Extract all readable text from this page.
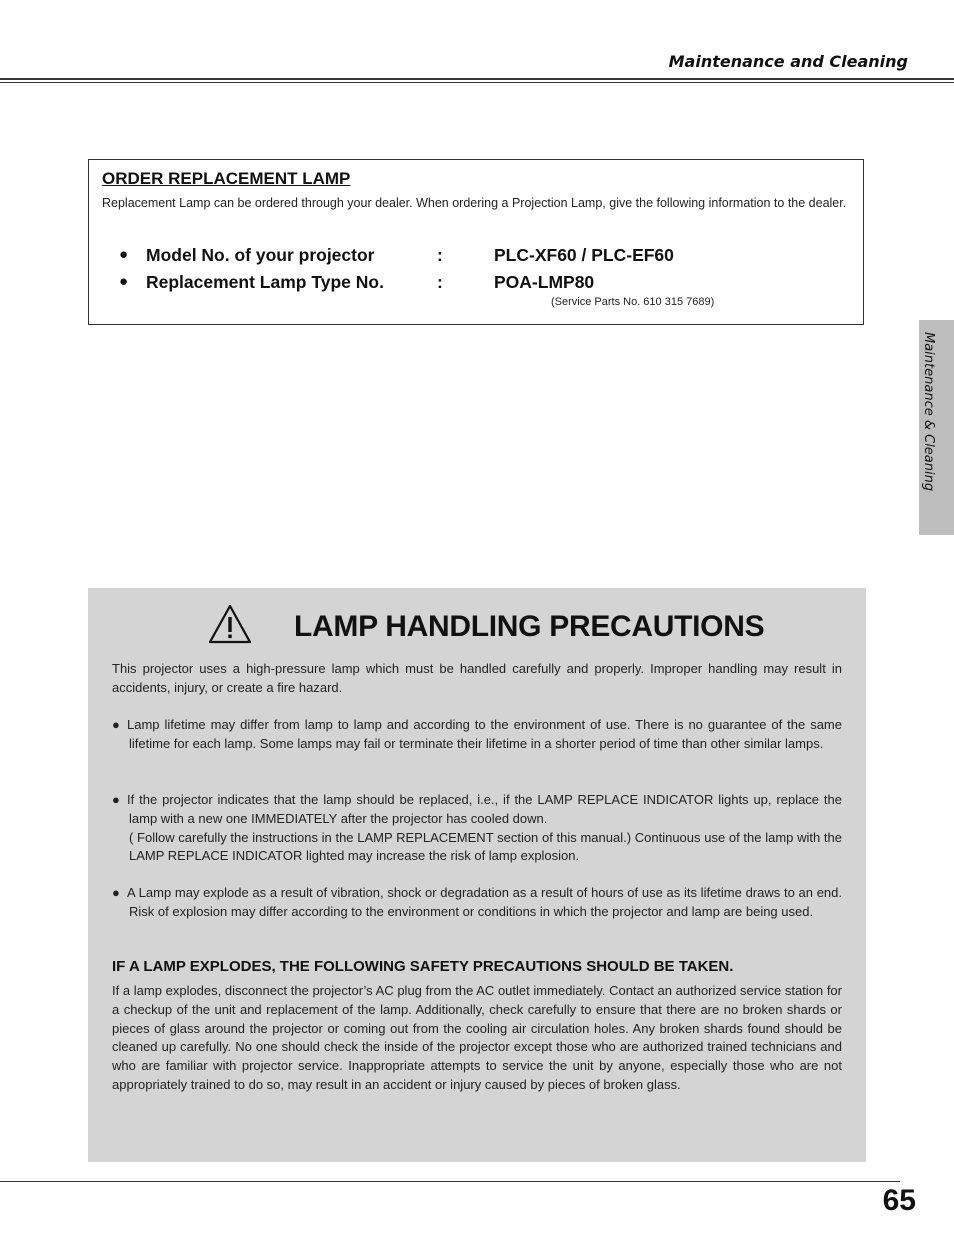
Maintenance and Cleaning
Maintenance & Cleaning
ORDER REPLACEMENT LAMP
Replacement Lamp can be ordered through your dealer. When ordering a Projection Lamp, give the following information to the dealer.
● Model No. of your projector	:	PLC-XF60 / PLC-EF60
● Replacement Lamp Type No.	:	POA-LMP80
(Service Parts No. 610 315 7689)
LAMP HANDLING PRECAUTIONS
This projector uses a high-pressure lamp which must be handled carefully and properly. Improper handling may result in accidents, injury, or create a fire hazard.
● Lamp lifetime may differ from lamp to lamp and according to the environment of use. There is no guarantee of the same lifetime for each lamp. Some lamps may fail or terminate their lifetime in a shorter period of time than other similar lamps.
● If the projector indicates that the lamp should be replaced, i.e., if the LAMP REPLACE INDICATOR lights up, replace the lamp with a new one IMMEDIATELY after the projector has cooled down.
( Follow carefully the instructions in the LAMP REPLACEMENT section of this manual.) Continuous use of the lamp with the LAMP REPLACE INDICATOR lighted may increase the risk of lamp explosion.
● A Lamp may explode as a result of vibration, shock or degradation as a result of hours of use as its lifetime draws to an end. Risk of explosion may differ according to the environment or conditions in which the projector and lamp are being used.
IF A LAMP EXPLODES, THE FOLLOWING SAFETY PRECAUTIONS SHOULD BE TAKEN.
If a lamp explodes, disconnect the projector’s AC plug from the AC outlet immediately. Contact an authorized service station for a checkup of the unit and replacement of the lamp. Additionally, check carefully to ensure that there are no broken shards or pieces of glass around the projector or coming out from the cooling air circulation holes. Any broken shards found should be cleaned up carefully. No one should check the inside of the projector except those who are authorized trained technicians and who are familiar with projector service. Inappropriate attempts to service the unit by anyone, especially those who are not appropriately trained to do so, may result in an accident or injury caused by pieces of broken glass.
65
